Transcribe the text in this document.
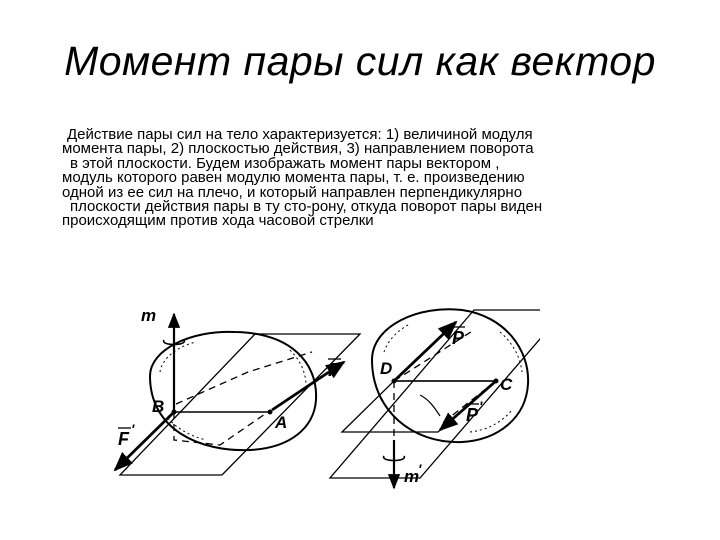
Момент пары сил как вектор
Действие пары сил на тело характеризуется: 1) величиной модуля
момента пары, 2) плоскостью действия, 3) направлением поворота
в этой плоскости. Будем изображать момент пары вектором ,
модуль которого равен модулю момента пары, т. е. произведению
одной из ее сил на плечо, и который направлен перпендикулярно
плоскости действия пары в ту сто-рону, откуда поворот пары виден
происходящим против хода часовой стрелки
m
F
F '
B
A
P
P '
D
C
m
'
